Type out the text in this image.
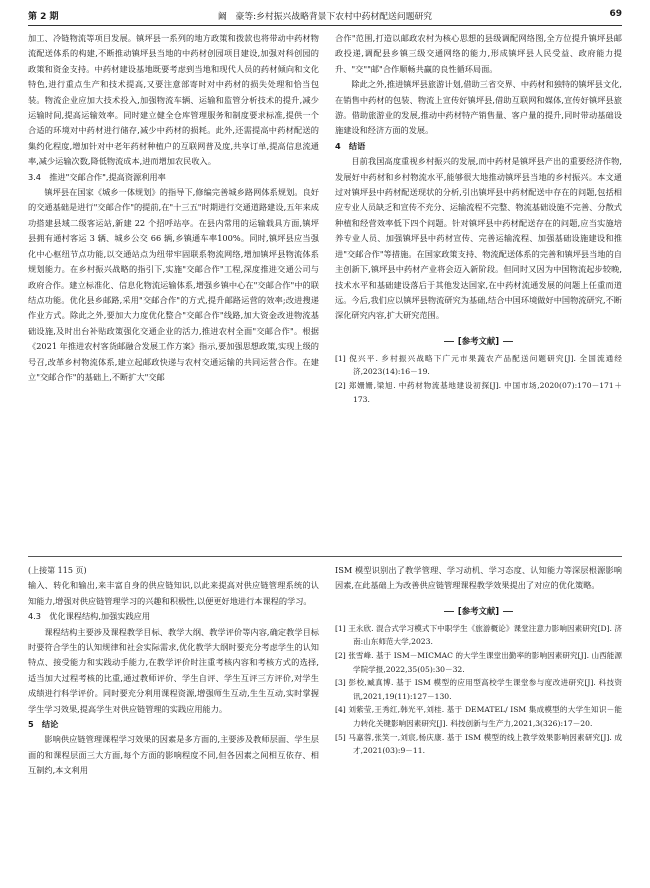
第 2 期	阚　豪等:乡村振兴战略背景下农村中药材配送问题研究	69

加工、冷链物流等项目发展。镇坪县一系列的地方政策和拨款也将带动中药材物流配送体系的构建,不断推动镇坪县当地的中药材创园项目建设,加强对科创园的政策和资金支持。中药材建设基地既要考虑到当地和现代人员的药材倾向和文化特色,进行重点生产和技术提高,又要注意部寄时对中药材的损失处理和恰当包装。物流企业应加大技术投入,加强物流车辆、运输和监管分析技术的提升,减少运输时间,提高运输效率。同时建立健全仓库管理服务和制度要求标准,提供一个合适的环境对中药材进行储存,减少中药材的损耗。此外,还需提高中药材配送的集约化程度,增加针对中老年药材种植户的互联网普及度,共享订单,提高信息流通率,减少运输次数,降低物流成本,进而增加农民收入。

3.4　推进"交邮合作",提高资源利用率

镇坪县在国家《城乡一体规划》的指导下,修编完善城乡路网体系规划。良好的交通基础是进行"交邮合作"的提前,在"十三五"时期进行交通道路建设,五年来成功搭建县域二级客运站,新建 22 个招呼站亭。在县内常用的运输载具方面,镇坪县拥有通村客运 3 辆、城乡公交 66 辆,乡镇通车率100%。同时,镇坪县应当强化中心枢纽节点功能,以交通站点为纽带牢固联系物流网络,增加镇坪县物流体系规划能力。在乡村振兴战略的指引下,实施"交邮合作"工程,深度推进交通公司与政府合作。建立标准化、信息化物流运输体系,增强乡镇中心在"交邮合作"中的联结点功能。优化县乡邮路,采用"交邮合作"的方式,提升邮路运营的效率;改进搜递作业方式。除此之外,要加大力度优化整合"交邮合作"线路,加大资金改进物流基础设施,及时出台补贴政策强化交通企业的活力,推进农村全面"交邮合作"。根据《2021 年推进农村客货邮融合发展工作方案》指示,要加强思想政策,实现上级的号召,改革乡村物流体系,建立起邮政快递与农村交通运输的共同运营合作。在建立"交邮合作"的基础上,不断扩大"交邮

合作"范围,打造以邮政农村为核心思想的县级调配网络图,全方位提升镇坪县邮政投递,调配县乡镇三级交通网络的能力,形成镇坪县人民受益、政府能力提升、"交""邮"合作顺畅共赢的良性循环局面。

除此之外,推进镇坪县旅游计划,借助三省交界、中药材和独特的镇坪县文化,在销售中药材的包装、物流上宣传好镇坪县,借助互联网和媒体,宣传好镇坪县旅游。借助旅游业的发展,推动中药材特产销售量、客户量的提升,同时带动基础设施建设和经济方面的发展。

4　结语

目前我国高度重视乡村振兴的发展,而中药材是镇坪县产出的重要经济作物,发展好中药材和乡村物流水平,能够很大地推动镇坪县当地的乡村振兴。本文通过对镇坪县中药材配送现状的分析,引出镇坪县中药材配送中存在的问题,包括相应专业人员缺乏和宣传不充分、运输流程不完整、物流基础设施不完善、分散式种植和经营效率低下四个问题。针对镇坪县中药材配送存在的问题,应当实施培养专业人员、加强镇坪县中药材宣传、完善运输流程、加强基础设施建设和推进"交邮合作"等措施。在国家政策支持、物流配送体系的完善和镇坪县当地的自主创新下,镇坪县中药材产业将会迈入新阶段。但同时又因为中国物流起步较晚,技术水平和基础建设落后于其他发达国家,在中药材流通发展的问题上任重而道远。今后,我们应以镇坪县物流研究为基础,结合中国环境做好中国物流研究,不断深化研究内容,扩大研究范围。

[参考文献]
[1] 倪兴平. 乡村振兴战略下广元市果蔬农产品配送问题研究[J]. 全国流通经济,2023(14):16－19.
[2] 郑姗姗,梁旭. 中药材物流基地建设初探[J]. 中国市场,2020(07):170－171＋173.

(上接第 115 页)

输入、转化和输出,来丰富自身的供应链知识,以此来提高对供应链管理系统的认知能力,增强对供应链管理学习的兴趣和积极性,以便更好地进行本课程的学习。

4.3　优化课程结构,加强实践应用

课程结构主要涉及课程教学目标、教学大纲、教学评价等内容,确定教学目标时要符合学生的认知规律和社会实际需求,优化教学大纲时要充分考虑学生的认知特点、接受能力和实践动手能力,在教学评价时注重考核内容和考核方式的选择,适当加大过程考核的比重,通过教师评价、学生自评、学生互评三方评价,对学生成绩进行科学评价。同时要充分利用课程资源,增强师生互动,生生互动,实时掌握学生学习效果,提高学生对供应链管理的实践应用能力。

5　结论

影响供应链管理课程学习效果的因素是多方面的,主要涉及教师层面、学生层面的和课程层面三大方面,每个方面的影响程度不同,但各因素之间相互依存、相互制约,本文利用

ISM 模型识别出了教学管理、学习动机、学习态度、认知能力等深层根源影响因素,在此基础上为改善供应链管理课程教学效果提出了对应的优化策略。

[参考文献]
[1] 王永欣. 混合式学习模式下中职学生《旅游概论》课堂注意力影响因素研究[D]. 济南:山东师范大学,2023.
[2] 张雪峰. 基于 ISM－MICMAC 的大学生课堂出勤率的影响因素研究[J]. 山西能源学院学报,2022,35(05):30－32.
[3] 彭校,臧真博. 基于 ISM 模型的应用型高校学生课堂参与度改进研究[J]. 科技资讯,2021,19(11):127－130.
[4] 刘紫莹,王秀红,韩光平,刘桂. 基于 DEMATEL/ ISM 集成模型的大学生知识－能力转化关键影响因素研究[J]. 科技创新与生产力,2021,3(326):17－20.
[5] 马嘉蓉,张笑一,刘宸,杨庆康. 基于 ISM 模型的线上教学效果影响因素研究[J]. 成才,2021(03):9－11.
